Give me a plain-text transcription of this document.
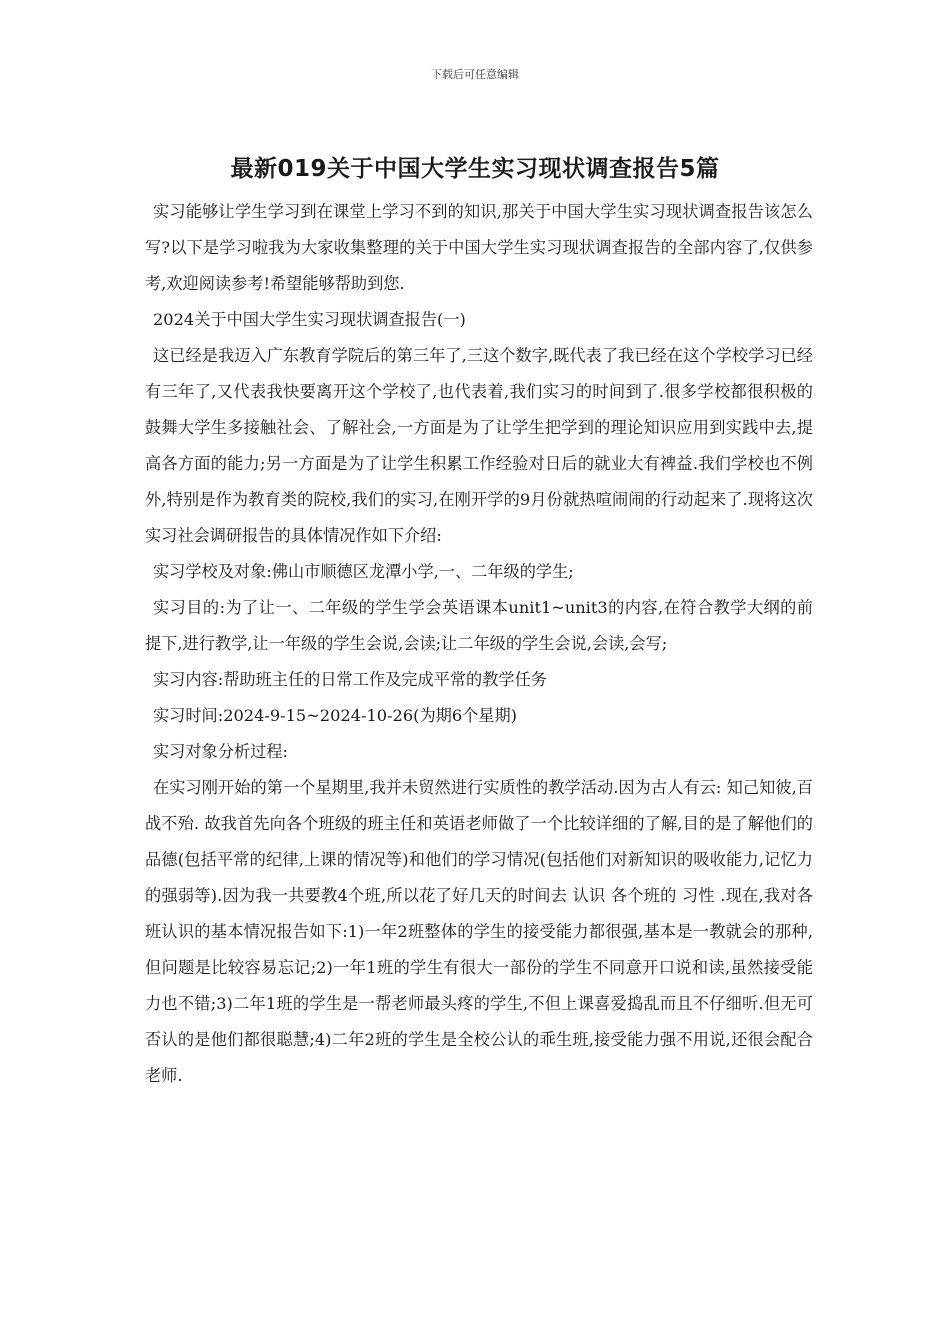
下载后可任意编辑
最新019关于中国大学生实习现状调查报告5篇

实习能够让学生学习到在课堂上学习不到的知识,那关于中国大学生实习现状调查报告该怎么写?以下是学习啦我为大家收集整理的关于中国大学生实习现状调查报告的全部内容了,仅供参考,欢迎阅读参考!希望能够帮助到您.

2024关于中国大学生实习现状调查报告(一)

这已经是我迈入广东教育学院后的第三年了,三这个数字,既代表了我已经在这个学校学习已经有三年了,又代表我快要离开这个学校了,也代表着,我们实习的时间到了.很多学校都很积极的鼓舞大学生多接触社会、了解社会,一方面是为了让学生把学到的理论知识应用到实践中去,提高各方面的能力;另一方面是为了让学生积累工作经验对日后的就业大有裨益.我们学校也不例外,特别是作为教育类的院校,我们的实习,在刚开学的9月份就热喧闹闹的行动起来了.现将这次实习社会调研报告的具体情况作如下介绍:

实习学校及对象:佛山市顺德区龙潭小学,一、二年级的学生;

实习目的:为了让一、二年级的学生学会英语课本unit1~unit3的内容,在符合教学大纲的前提下,进行教学,让一年级的学生会说,会读;让二年级的学生会说,会读,会写;

实习内容:帮助班主任的日常工作及完成平常的教学任务

实习时间:2024-9-15~2024-10-26(为期6个星期)

实习对象分析过程:

在实习刚开始的第一个星期里,我并未贸然进行实质性的教学活动.因为古人有云: 知己知彼,百战不殆. 故我首先向各个班级的班主任和英语老师做了一个比较详细的了解,目的是了解他们的品德(包括平常的纪律,上课的情况等)和他们的学习情况(包括他们对新知识的吸收能力,记忆力的强弱等).因为我一共要教4个班,所以花了好几天的时间去 认识 各个班的 习性 .现在,我对各班认识的基本情况报告如下:1)一年2班整体的学生的接受能力都很强,基本是一教就会的那种,但问题是比较容易忘记;2)一年1班的学生有很大一部份的学生不同意开口说和读,虽然接受能力也不错;3)二年1班的学生是一帮老师最头疼的学生,不但上课喜爱捣乱而且不仔细听.但无可否认的是他们都很聪慧;4)二年2班的学生是全校公认的乖生班,接受能力强不用说,还很会配合老师.
